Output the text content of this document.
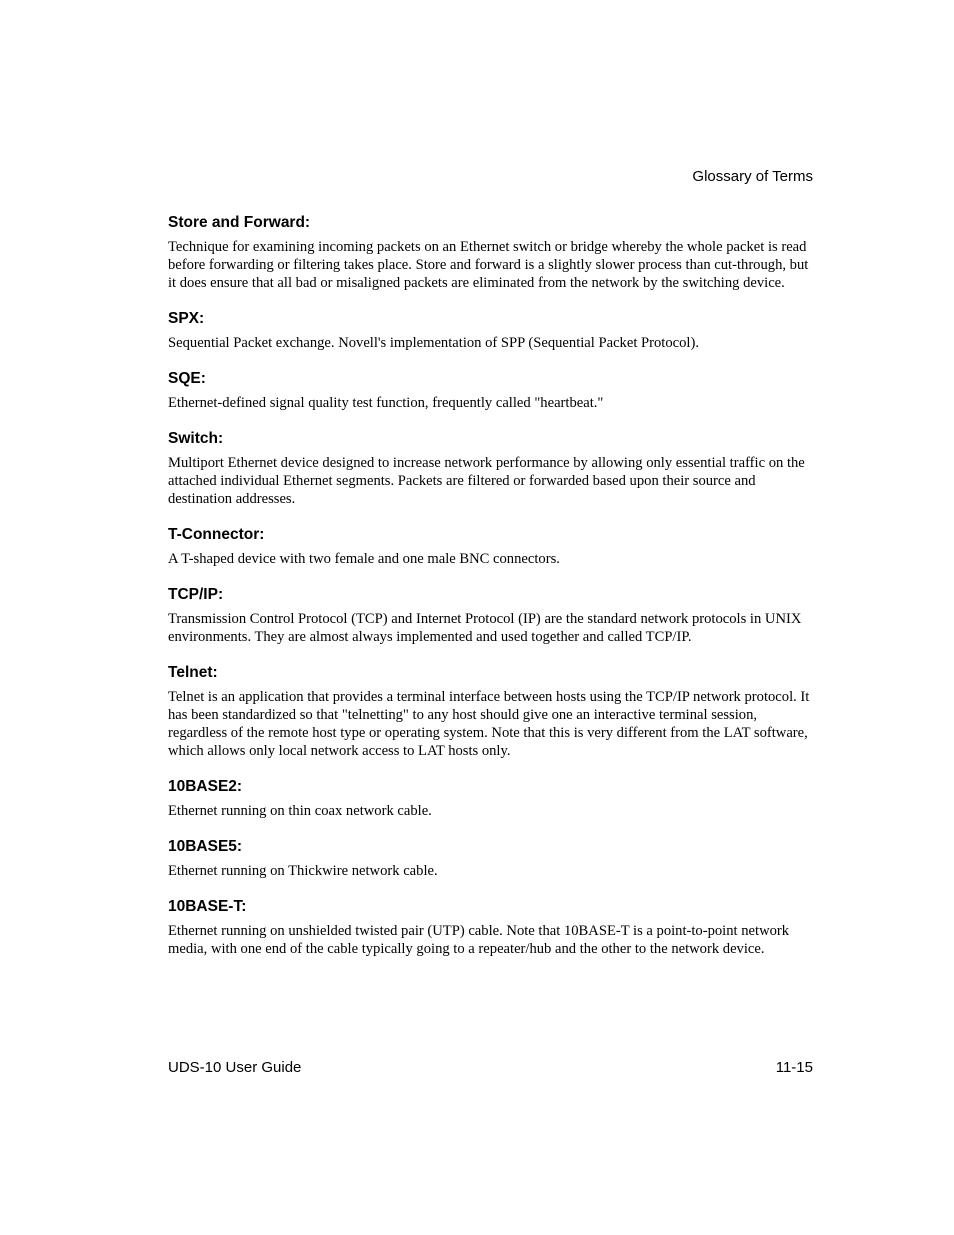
Glossary of Terms
Store and Forward:

Technique for examining incoming packets on an Ethernet switch or bridge whereby the whole packet is read before forwarding or filtering takes place. Store and forward is a slightly slower process than cut-through, but it does ensure that all bad or misaligned packets are eliminated from the network by the switching device.

SPX:

Sequential Packet exchange. Novell's implementation of SPP (Sequential Packet Protocol).

SQE:

Ethernet-defined signal quality test function, frequently called "heartbeat."

Switch:

Multiport Ethernet device designed to increase network performance by allowing only essential traffic on the attached individual Ethernet segments. Packets are filtered or forwarded based upon their source and destination addresses.

T-Connector:

A T-shaped device with two female and one male BNC connectors.

TCP/IP:

Transmission Control Protocol (TCP) and Internet Protocol (IP) are the standard network protocols in UNIX environments. They are almost always implemented and used together and called TCP/IP.

Telnet:

Telnet is an application that provides a terminal interface between hosts using the TCP/IP network protocol. It has been standardized so that "telnetting" to any host should give one an interactive terminal session, regardless of the remote host type or operating system. Note that this is very different from the LAT software, which allows only local network access to LAT hosts only.

10BASE2:

Ethernet running on thin coax network cable.

10BASE5:

Ethernet running on Thickwire network cable.

10BASE-T:

Ethernet running on unshielded twisted pair (UTP) cable. Note that 10BASE-T is a point-to-point network media, with one end of the cable typically going to a repeater/hub and the other to the network device.

UDS-10 User Guide	11-15
